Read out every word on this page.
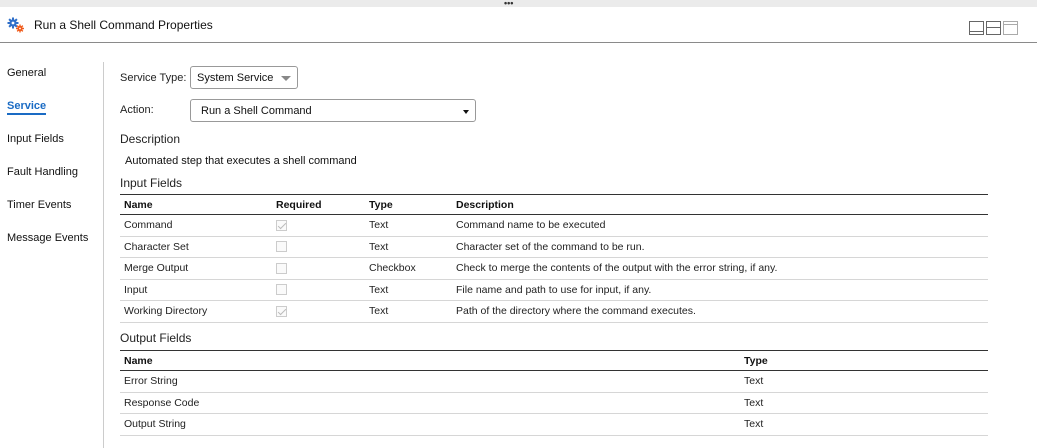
•••
Run a Shell Command Properties
General
Service
Input Fields
Fault Handling
Timer Events
Message Events
Service Type: System Service
Action:	Run a Shell Command
Description
Automated step that executes a shell command
Input Fields
Name	Required	Type	Description
Command		Text	Command name to be executed
Character Set		Text	Character set of the command to be run.
Merge Output		Checkbox	Check to merge the contents of the output with the error string, if any.
Input		Text	File name and path to use for input, if any.
Working Directory		Text	Path of the directory where the command executes.
Output Fields
Name	Type
Error String	Text
Response Code	Text
Output String	Text
